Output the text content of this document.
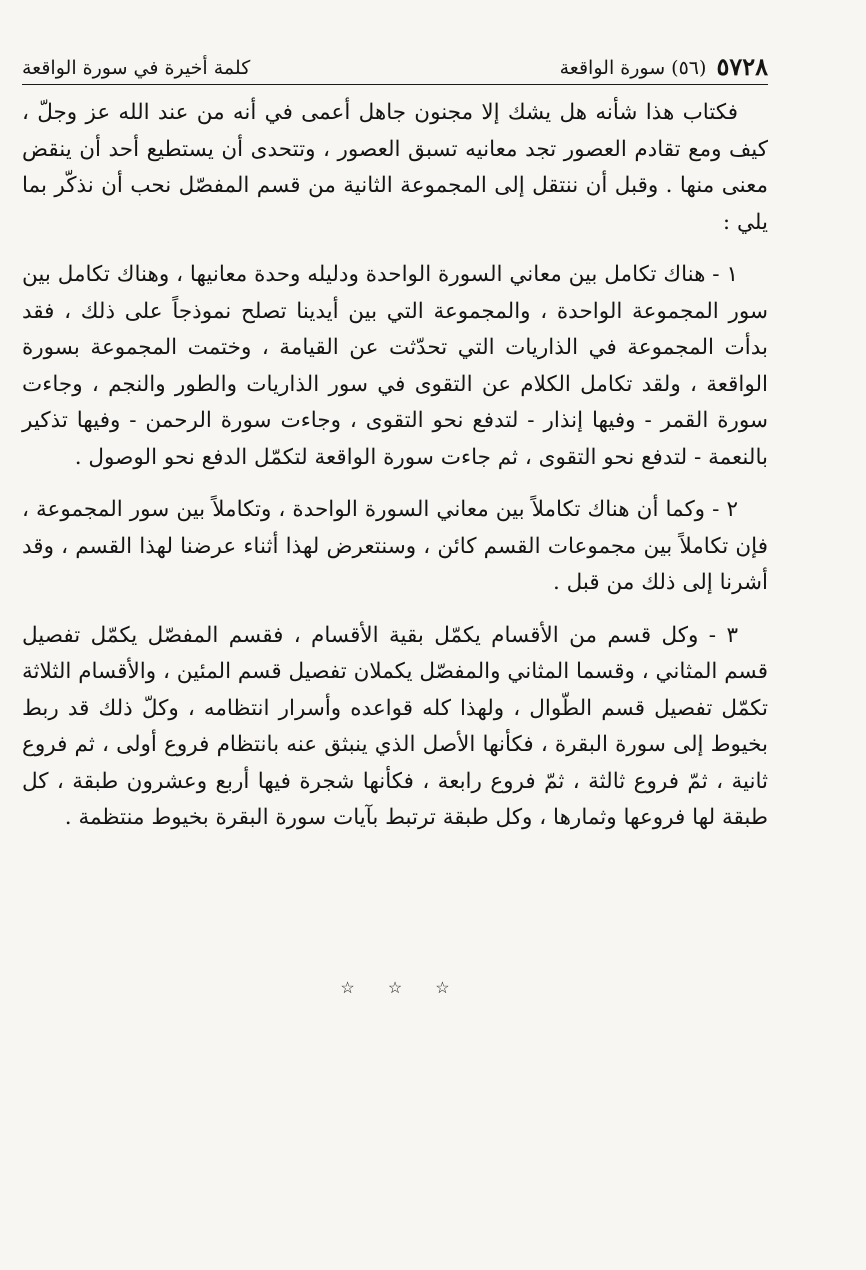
٥٧٢٨
(٥٦) سورة الواقعة
كلمة أخيرة في سورة الواقعة

فكتاب هذا شأنه هل يشك إلا مجنون جاهل أعمى في أنه من عند الله عز وجلّ ، كيف ومع تقادم العصور تجد معانيه تسبق العصور ، وتتحدى أن يستطيع أحد أن ينقض معنى منها . وقبل أن ننتقل إلى المجموعة الثانية من قسم المفصّل نحب أن نذكّر بما يلي :

١ - هناك تكامل بين معاني السورة الواحدة ودليله وحدة معانيها ، وهناك تكامل بين سور المجموعة الواحدة ، والمجموعة التي بين أيدينا تصلح نموذجاً على ذلك ، فقد بدأت المجموعة في الذاريات التي تحدّثت عن القيامة ، وختمت المجموعة بسورة الواقعة ، ولقد تكامل الكلام عن التقوى في سور الذاريات والطور والنجم ، وجاءت سورة القمر - وفيها إنذار - لتدفع نحو التقوى ، وجاءت سورة الرحمن - وفيها تذكير بالنعمة - لتدفع نحو التقوى ، ثم جاءت سورة الواقعة لتكمّل الدفع نحو الوصول .

٢ - وكما أن هناك تكاملاً بين معاني السورة الواحدة ، وتكاملاً بين سور المجموعة ، فإن تكاملاً بين مجموعات القسم كائن ، وسنتعرض لهذا أثناء عرضنا لهذا القسم ، وقد أشرنا إلى ذلك من قبل .

٣ - وكل قسم من الأقسام يكمّل بقية الأقسام ، فقسم المفصّل يكمّل تفصيل قسم المثاني ، وقسما المثاني والمفصّل يكملان تفصيل قسم المئين ، والأقسام الثلاثة تكمّل تفصيل قسم الطّوال ، ولهذا كله قواعده وأسرار انتظامه ، وكلّ ذلك قد ربط بخيوط إلى سورة البقرة ، فكأنها الأصل الذي ينبثق عنه بانتظام فروع أولى ، ثم فروع ثانية ، ثمّ فروع ثالثة ، ثمّ فروع رابعة ، فكأنها شجرة فيها أربع وعشرون طبقة ، كل طبقة لها فروعها وثمارها ، وكل طبقة ترتبط بآيات سورة البقرة بخيوط منتظمة .

☆ ☆ ☆
